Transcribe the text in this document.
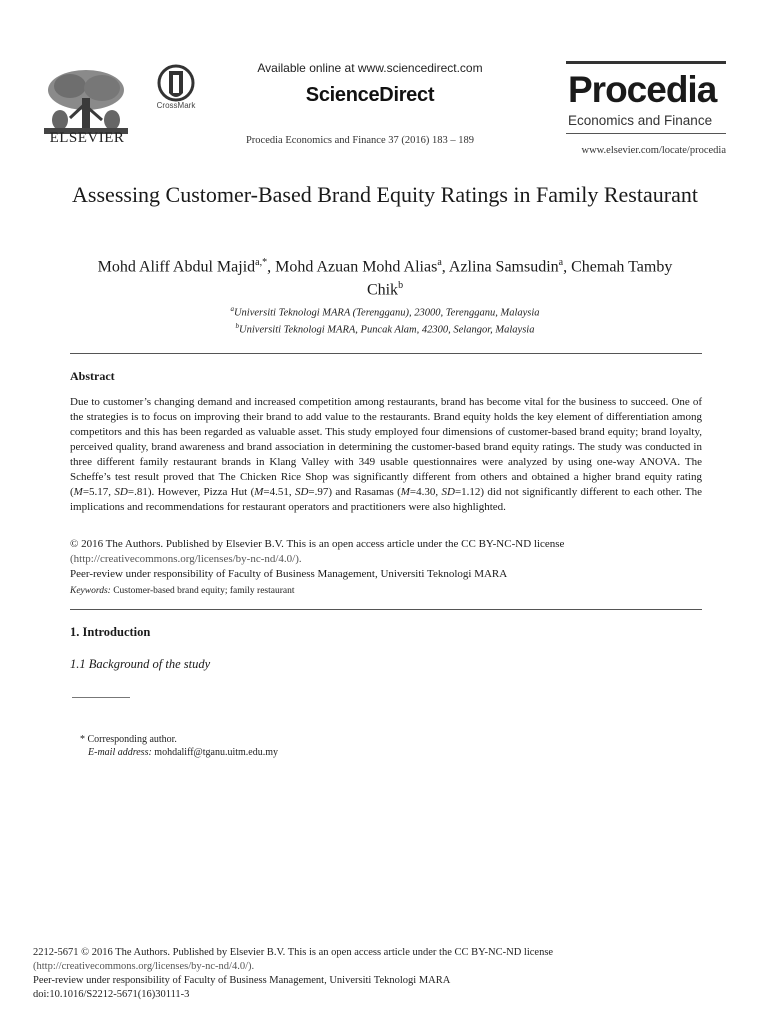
ELSEVIER
CrossMark
Available online at www.sciencedirect.com
ScienceDirect
Procedia Economics and Finance 37 (2016) 183 – 189
Procedia
Economics and Finance
www.elsevier.com/locate/procedia
Assessing Customer-Based Brand Equity Ratings in Family Restaurant
Mohd Aliff Abdul Majid$^{a,*}$, Mohd Azuan Mohd Alias$^a$, Azlina Samsudin$^a$, Chemah Tamby Chik$^b$
$^a$Universiti Teknologi MARA (Terengganu), 23000, Terengganu, Malaysia
$^b$Universiti Teknologi MARA, Puncak Alam, 42300, Selangor, Malaysia
Abstract
Due to customer’s changing demand and increased competition among restaurants, brand has become vital for the business to succeed. One of the strategies is to focus on improving their brand to add value to the restaurants. Brand equity holds the key element of differentiation among competitors and this has been regarded as valuable asset. This study employed four dimensions of customer-based brand equity; brand loyalty, perceived quality, brand awareness and brand association in determining the customer-based brand equity ratings. The study was conducted in three different family restaurant brands in Klang Valley with 349 usable questionnaires were analyzed by using one-way ANOVA. The Scheffe’s test result proved that The Chicken Rice Shop was significantly different from others and obtained a higher brand equity rating (M=5.17, SD=.81). However, Pizza Hut (M=4.51, SD=.97) and Rasamas (M=4.30, SD=1.12) did not significantly different to each other. The implications and recommendations for restaurant operators and practitioners were also highlighted.
© 2016 The Authors. Published by Elsevier B.V. This is an open access article under the CC BY-NC-ND license
(http://creativecommons.org/licenses/by-nc-nd/4.0/).
Peer-review under responsibility of Faculty of Business Management, Universiti Teknologi MARA
Keywords: Customer-based brand equity; family restaurant
1. Introduction
1.1 Background of the study
* Corresponding author.
E-mail address: mohdaliff@tganu.uitm.edu.my
2212-5671 © 2016 The Authors. Published by Elsevier B.V. This is an open access article under the CC BY-NC-ND license
(http://creativecommons.org/licenses/by-nc-nd/4.0/).
Peer-review under responsibility of Faculty of Business Management, Universiti Teknologi MARA
doi:10.1016/S2212-5671(16)30111-3
